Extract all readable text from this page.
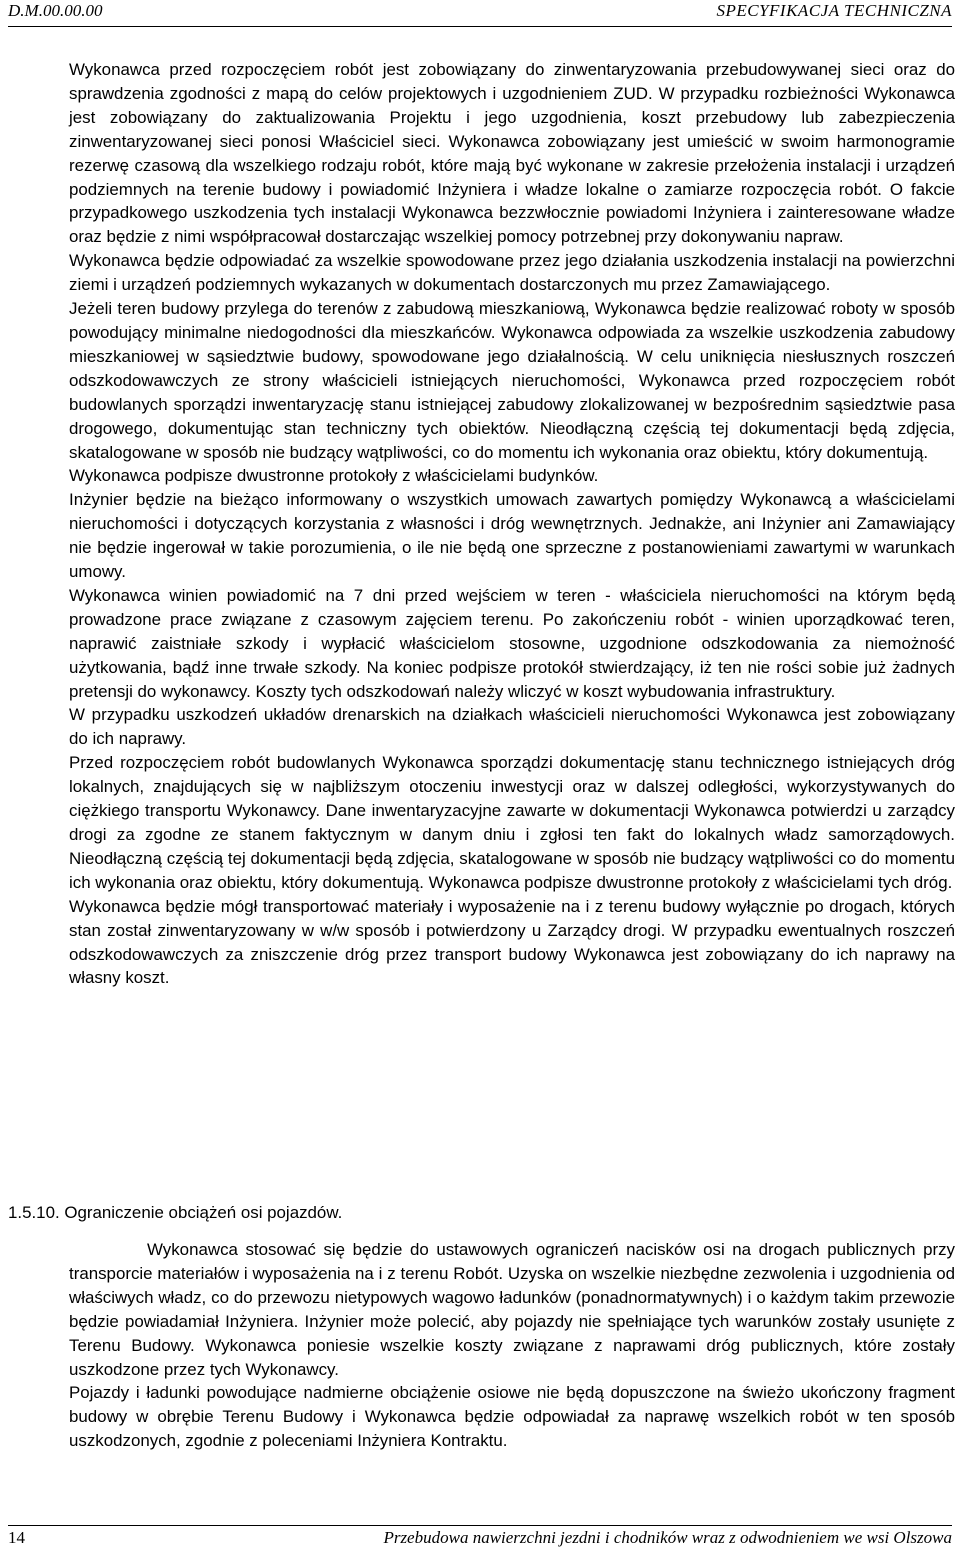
D.M.00.00.00	SPECYFIKACJA TECHNICZNA

Wykonawca przed rozpoczęciem robót jest zobowiązany do zinwentaryzowania przebudowywanej sieci oraz do sprawdzenia zgodności z mapą do celów projektowych i uzgodnieniem ZUD. W przypadku rozbieżności Wykonawca jest zobowiązany do zaktualizowania Projektu i jego uzgodnienia, koszt przebudowy lub zabezpieczenia zinwentaryzowanej sieci ponosi Właściciel sieci. Wykonawca zobowiązany jest umieścić w swoim harmonogramie rezerwę czasową dla wszelkiego rodzaju robót, które mają być wykonane w zakresie przełożenia instalacji i urządzeń podziemnych na terenie budowy i powiadomić Inżyniera i władze lokalne o zamiarze rozpoczęcia robót. O fakcie przypadkowego uszkodzenia tych instalacji Wykonawca bezzwłocznie powiadomi Inżyniera i zainteresowane władze oraz będzie z nimi współpracował dostarczając wszelkiej pomocy potrzebnej przy dokonywaniu napraw.

Wykonawca będzie odpowiadać za wszelkie spowodowane przez jego działania uszkodzenia instalacji na powierzchni ziemi i urządzeń podziemnych wykazanych w dokumentach dostarczonych mu przez Zamawiającego.

Jeżeli teren budowy przylega do terenów z zabudową mieszkaniową, Wykonawca będzie realizować roboty w sposób powodujący minimalne niedogodności dla mieszkańców. Wykonawca odpowiada za wszelkie uszkodzenia zabudowy mieszkaniowej w sąsiedztwie budowy, spowodowane jego działalnością. W celu uniknięcia niesłusznych roszczeń odszkodowawczych ze strony właścicieli istniejących nieruchomości, Wykonawca przed rozpoczęciem robót budowlanych sporządzi inwentaryzację stanu istniejącej zabudowy zlokalizowanej w bezpośrednim sąsiedztwie pasa drogowego, dokumentując stan techniczny tych obiektów. Nieodłączną częścią tej dokumentacji będą zdjęcia, skatalogowane w sposób nie budzący wątpliwości, co do momentu ich wykonania oraz obiektu, który dokumentują.

Wykonawca podpisze dwustronne protokoły z właścicielami budynków.

Inżynier będzie na bieżąco informowany o wszystkich umowach zawartych pomiędzy Wykonawcą a właścicielami nieruchomości i dotyczących korzystania z własności i dróg wewnętrznych. Jednakże, ani Inżynier ani Zamawiający nie będzie ingerował w takie porozumienia, o ile nie będą one sprzeczne z postanowieniami zawartymi w warunkach umowy.

Wykonawca winien powiadomić na 7 dni przed wejściem w teren - właściciela nieruchomości na którym będą prowadzone prace związane z czasowym zajęciem terenu. Po zakończeniu robót - winien uporządkować teren, naprawić zaistniałe szkody i wypłacić właścicielom stosowne, uzgodnione odszkodowania za niemożność użytkowania, bądź inne trwałe szkody. Na koniec podpisze protokół stwierdzający, iż ten nie rości sobie już żadnych pretensji do wykonawcy. Koszty tych odszkodowań należy wliczyć w koszt wybudowania infrastruktury.

W przypadku uszkodzeń układów drenarskich na działkach właścicieli nieruchomości Wykonawca jest zobowiązany do ich naprawy.

Przed rozpoczęciem robót budowlanych Wykonawca sporządzi dokumentację stanu technicznego istniejących dróg lokalnych, znajdujących się w najbliższym otoczeniu inwestycji oraz w dalszej odległości, wykorzystywanych do ciężkiego transportu Wykonawcy. Dane inwentaryzacyjne zawarte w dokumentacji Wykonawca potwierdzi u zarządcy drogi za zgodne ze stanem faktycznym w danym dniu i zgłosi ten fakt do lokalnych władz samorządowych. Nieodłączną częścią tej dokumentacji będą zdjęcia, skatalogowane w sposób nie budzący wątpliwości co do momentu ich wykonania oraz obiektu, który dokumentują. Wykonawca podpisze dwustronne protokoły z właścicielami tych dróg.

Wykonawca będzie mógł transportować materiały i wyposażenie na i z terenu budowy wyłącznie po drogach, których stan został zinwentaryzowany w w/w sposób i potwierdzony u Zarządcy drogi. W przypadku ewentualnych roszczeń odszkodowawczych za zniszczenie dróg przez transport budowy Wykonawca jest zobowiązany do ich naprawy na własny koszt.

1.5.10. Ograniczenie obciążeń osi pojazdów.

Wykonawca stosować się będzie do ustawowych ograniczeń nacisków osi na drogach publicznych przy transporcie materiałów i wyposażenia na i z terenu Robót. Uzyska on wszelkie niezbędne zezwolenia i uzgodnienia od właściwych władz, co do przewozu nietypowych wagowo ładunków (ponadnormatywnych) i o każdym takim przewozie będzie powiadamiał Inżyniera. Inżynier może polecić, aby pojazdy nie spełniające tych warunków zostały usunięte z Terenu Budowy. Wykonawca poniesie wszelkie koszty związane z naprawami dróg publicznych, które zostały uszkodzone przez tych Wykonawcy.

Pojazdy i ładunki powodujące nadmierne obciążenie osiowe nie będą dopuszczone na świeżo ukończony fragment budowy w obrębie Terenu Budowy i Wykonawca będzie odpowiadał za naprawę wszelkich robót w ten sposób uszkodzonych, zgodnie z poleceniami Inżyniera Kontraktu.

14	Przebudowa nawierzchni jezdni i chodników wraz z odwodnieniem we wsi Olszowa
